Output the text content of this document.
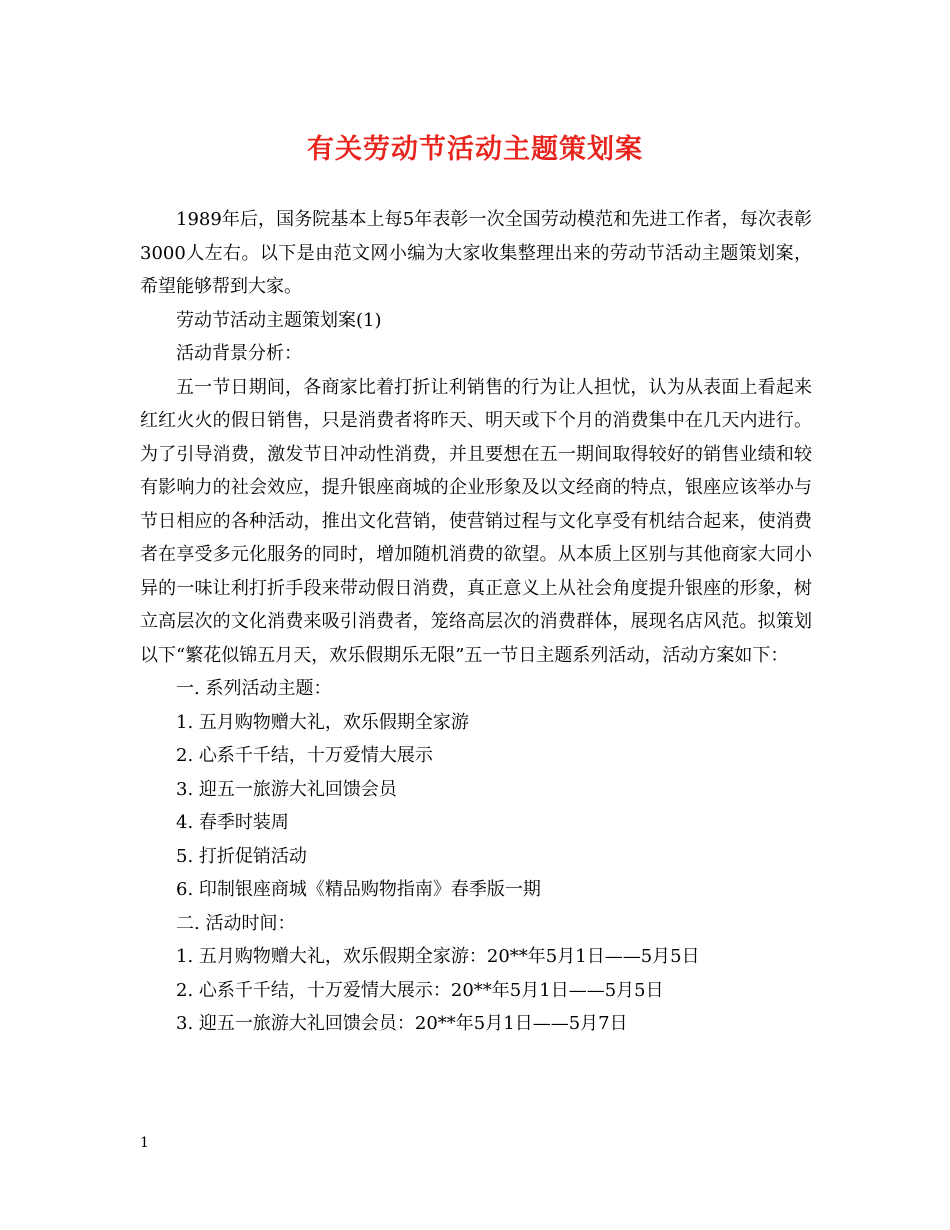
有关劳动节活动主题策划案

1989年后，国务院基本上每5年表彰一次全国劳动模范和先进工作者，每次表彰3000人左右。以下是由范文网小编为大家收集整理出来的劳动节活动主题策划案，希望能够帮到大家。

劳动节活动主题策划案(1)

活动背景分析：

五一节日期间，各商家比着打折让利销售的行为让人担忧，认为从表面上看起来红红火火的假日销售，只是消费者将昨天、明天或下个月的消费集中在几天内进行。为了引导消费，激发节日冲动性消费，并且要想在五一期间取得较好的销售业绩和较有影响力的社会效应，提升银座商城的企业形象及以文经商的特点，银座应该举办与节日相应的各种活动，推出文化营销，使营销过程与文化享受有机结合起来，使消费者在享受多元化服务的同时，增加随机消费的欲望。从本质上区别与其他商家大同小异的一味让利打折手段来带动假日消费，真正意义上从社会角度提升银座的形象，树立高层次的文化消费来吸引消费者，笼络高层次的消费群体，展现名店风范。拟策划以下“繁花似锦五月天，欢乐假期乐无限”五一节日主题系列活动，活动方案如下：

一. 系列活动主题：

1. 五月购物赠大礼，欢乐假期全家游

2. 心系千千结，十万爱情大展示

3. 迎五一旅游大礼回馈会员

4. 春季时装周

5. 打折促销活动

6. 印制银座商城《精品购物指南》春季版一期

二. 活动时间：

1. 五月购物赠大礼，欢乐假期全家游：20**年5月1日——5月5日

2. 心系千千结，十万爱情大展示：20**年5月1日——5月5日

3. 迎五一旅游大礼回馈会员：20**年5月1日——5月7日

1
